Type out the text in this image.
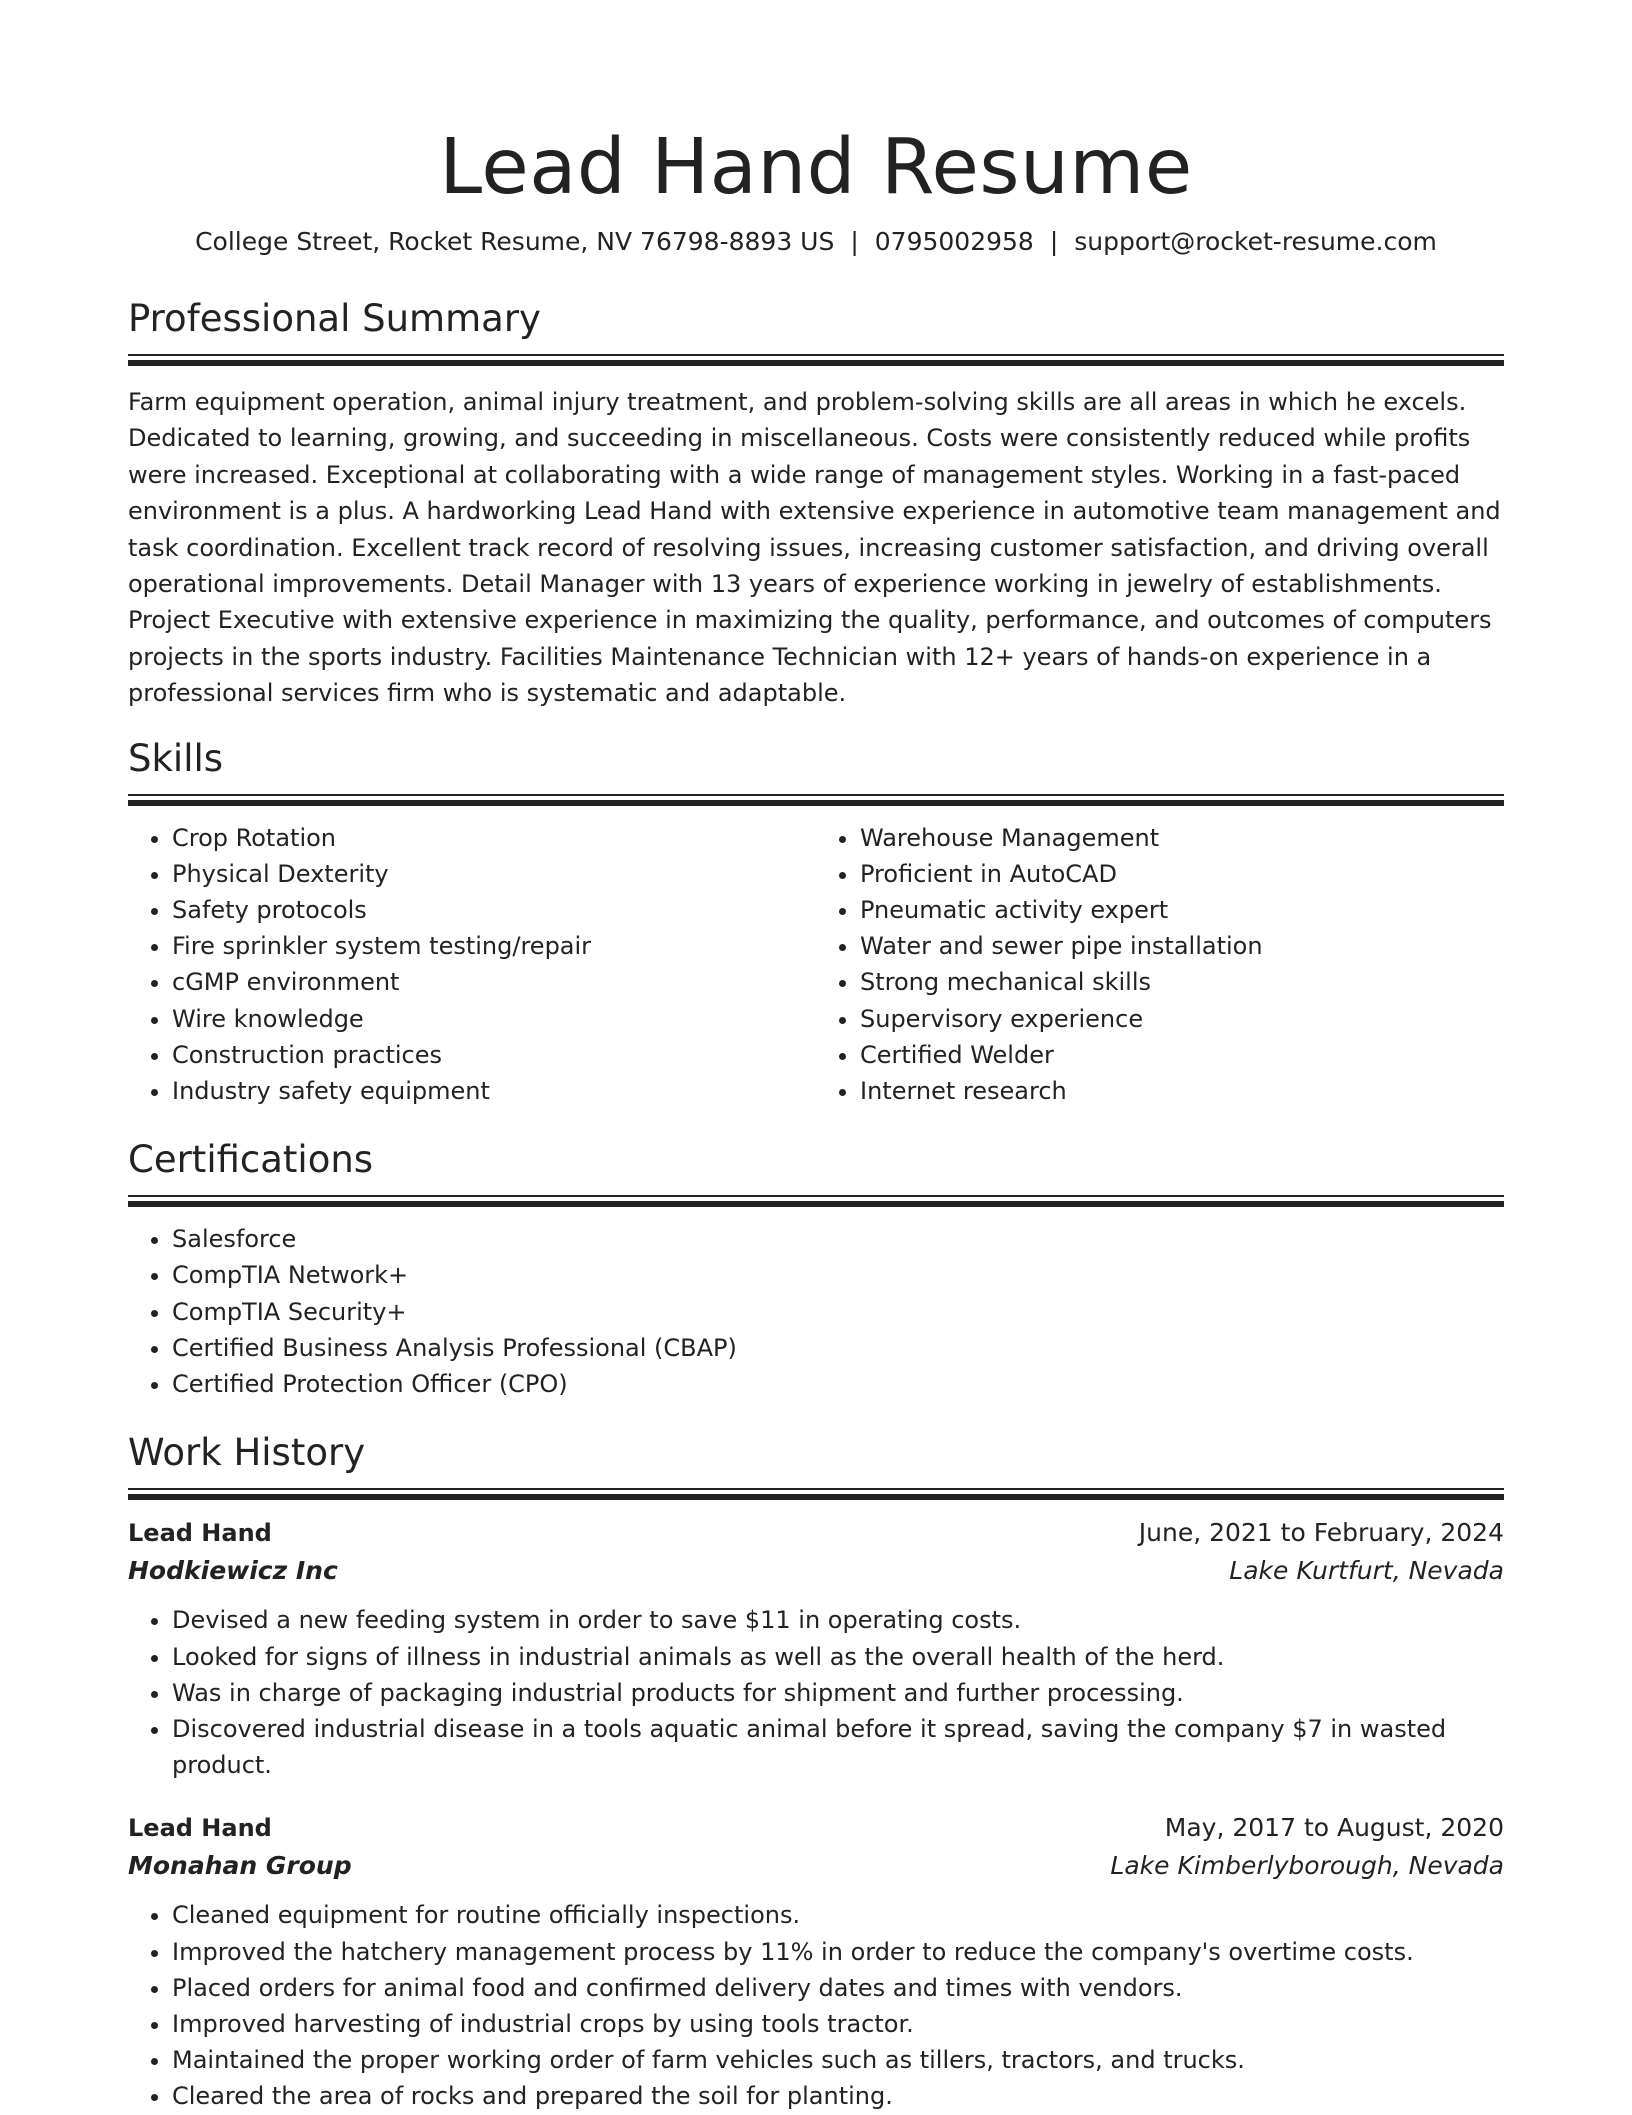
Lead Hand Resume
College Street, Rocket Resume, NV 76798-8893 US | 0795002958 | support@rocket-resume.com
Professional Summary
Farm equipment operation, animal injury treatment, and problem-solving skills are all areas in which he excels. Dedicated to learning, growing, and succeeding in miscellaneous. Costs were consistently reduced while profits were increased. Exceptional at collaborating with a wide range of management styles. Working in a fast-paced environment is a plus. A hardworking Lead Hand with extensive experience in automotive team management and task coordination. Excellent track record of resolving issues, increasing customer satisfaction, and driving overall operational improvements. Detail Manager with 13 years of experience working in jewelry of establishments. Project Executive with extensive experience in maximizing the quality, performance, and outcomes of computers projects in the sports industry. Facilities Maintenance Technician with 12+ years of hands-on experience in a professional services firm who is systematic and adaptable.
Skills
• Crop Rotation
• Physical Dexterity
• Safety protocols
• Fire sprinkler system testing/repair
• cGMP environment
• Wire knowledge
• Construction practices
• Industry safety equipment
• Warehouse Management
• Proficient in AutoCAD
• Pneumatic activity expert
• Water and sewer pipe installation
• Strong mechanical skills
• Supervisory experience
• Certified Welder
• Internet research
Certifications
• Salesforce
• CompTIA Network+
• CompTIA Security+
• Certified Business Analysis Professional (CBAP)
• Certified Protection Officer (CPO)
Work History
Lead Hand	June, 2021 to February, 2024
Hodkiewicz Inc	Lake Kurtfurt, Nevada
• Devised a new feeding system in order to save $11 in operating costs.
• Looked for signs of illness in industrial animals as well as the overall health of the herd.
• Was in charge of packaging industrial products for shipment and further processing.
• Discovered industrial disease in a tools aquatic animal before it spread, saving the company $7 in wasted product.
Lead Hand	May, 2017 to August, 2020
Monahan Group	Lake Kimberlyborough, Nevada
• Cleaned equipment for routine officially inspections.
• Improved the hatchery management process by 11% in order to reduce the company's overtime costs.
• Placed orders for animal food and confirmed delivery dates and times with vendors.
• Improved harvesting of industrial crops by using tools tractor.
• Maintained the proper working order of farm vehicles such as tillers, tractors, and trucks.
• Cleared the area of rocks and prepared the soil for planting.
